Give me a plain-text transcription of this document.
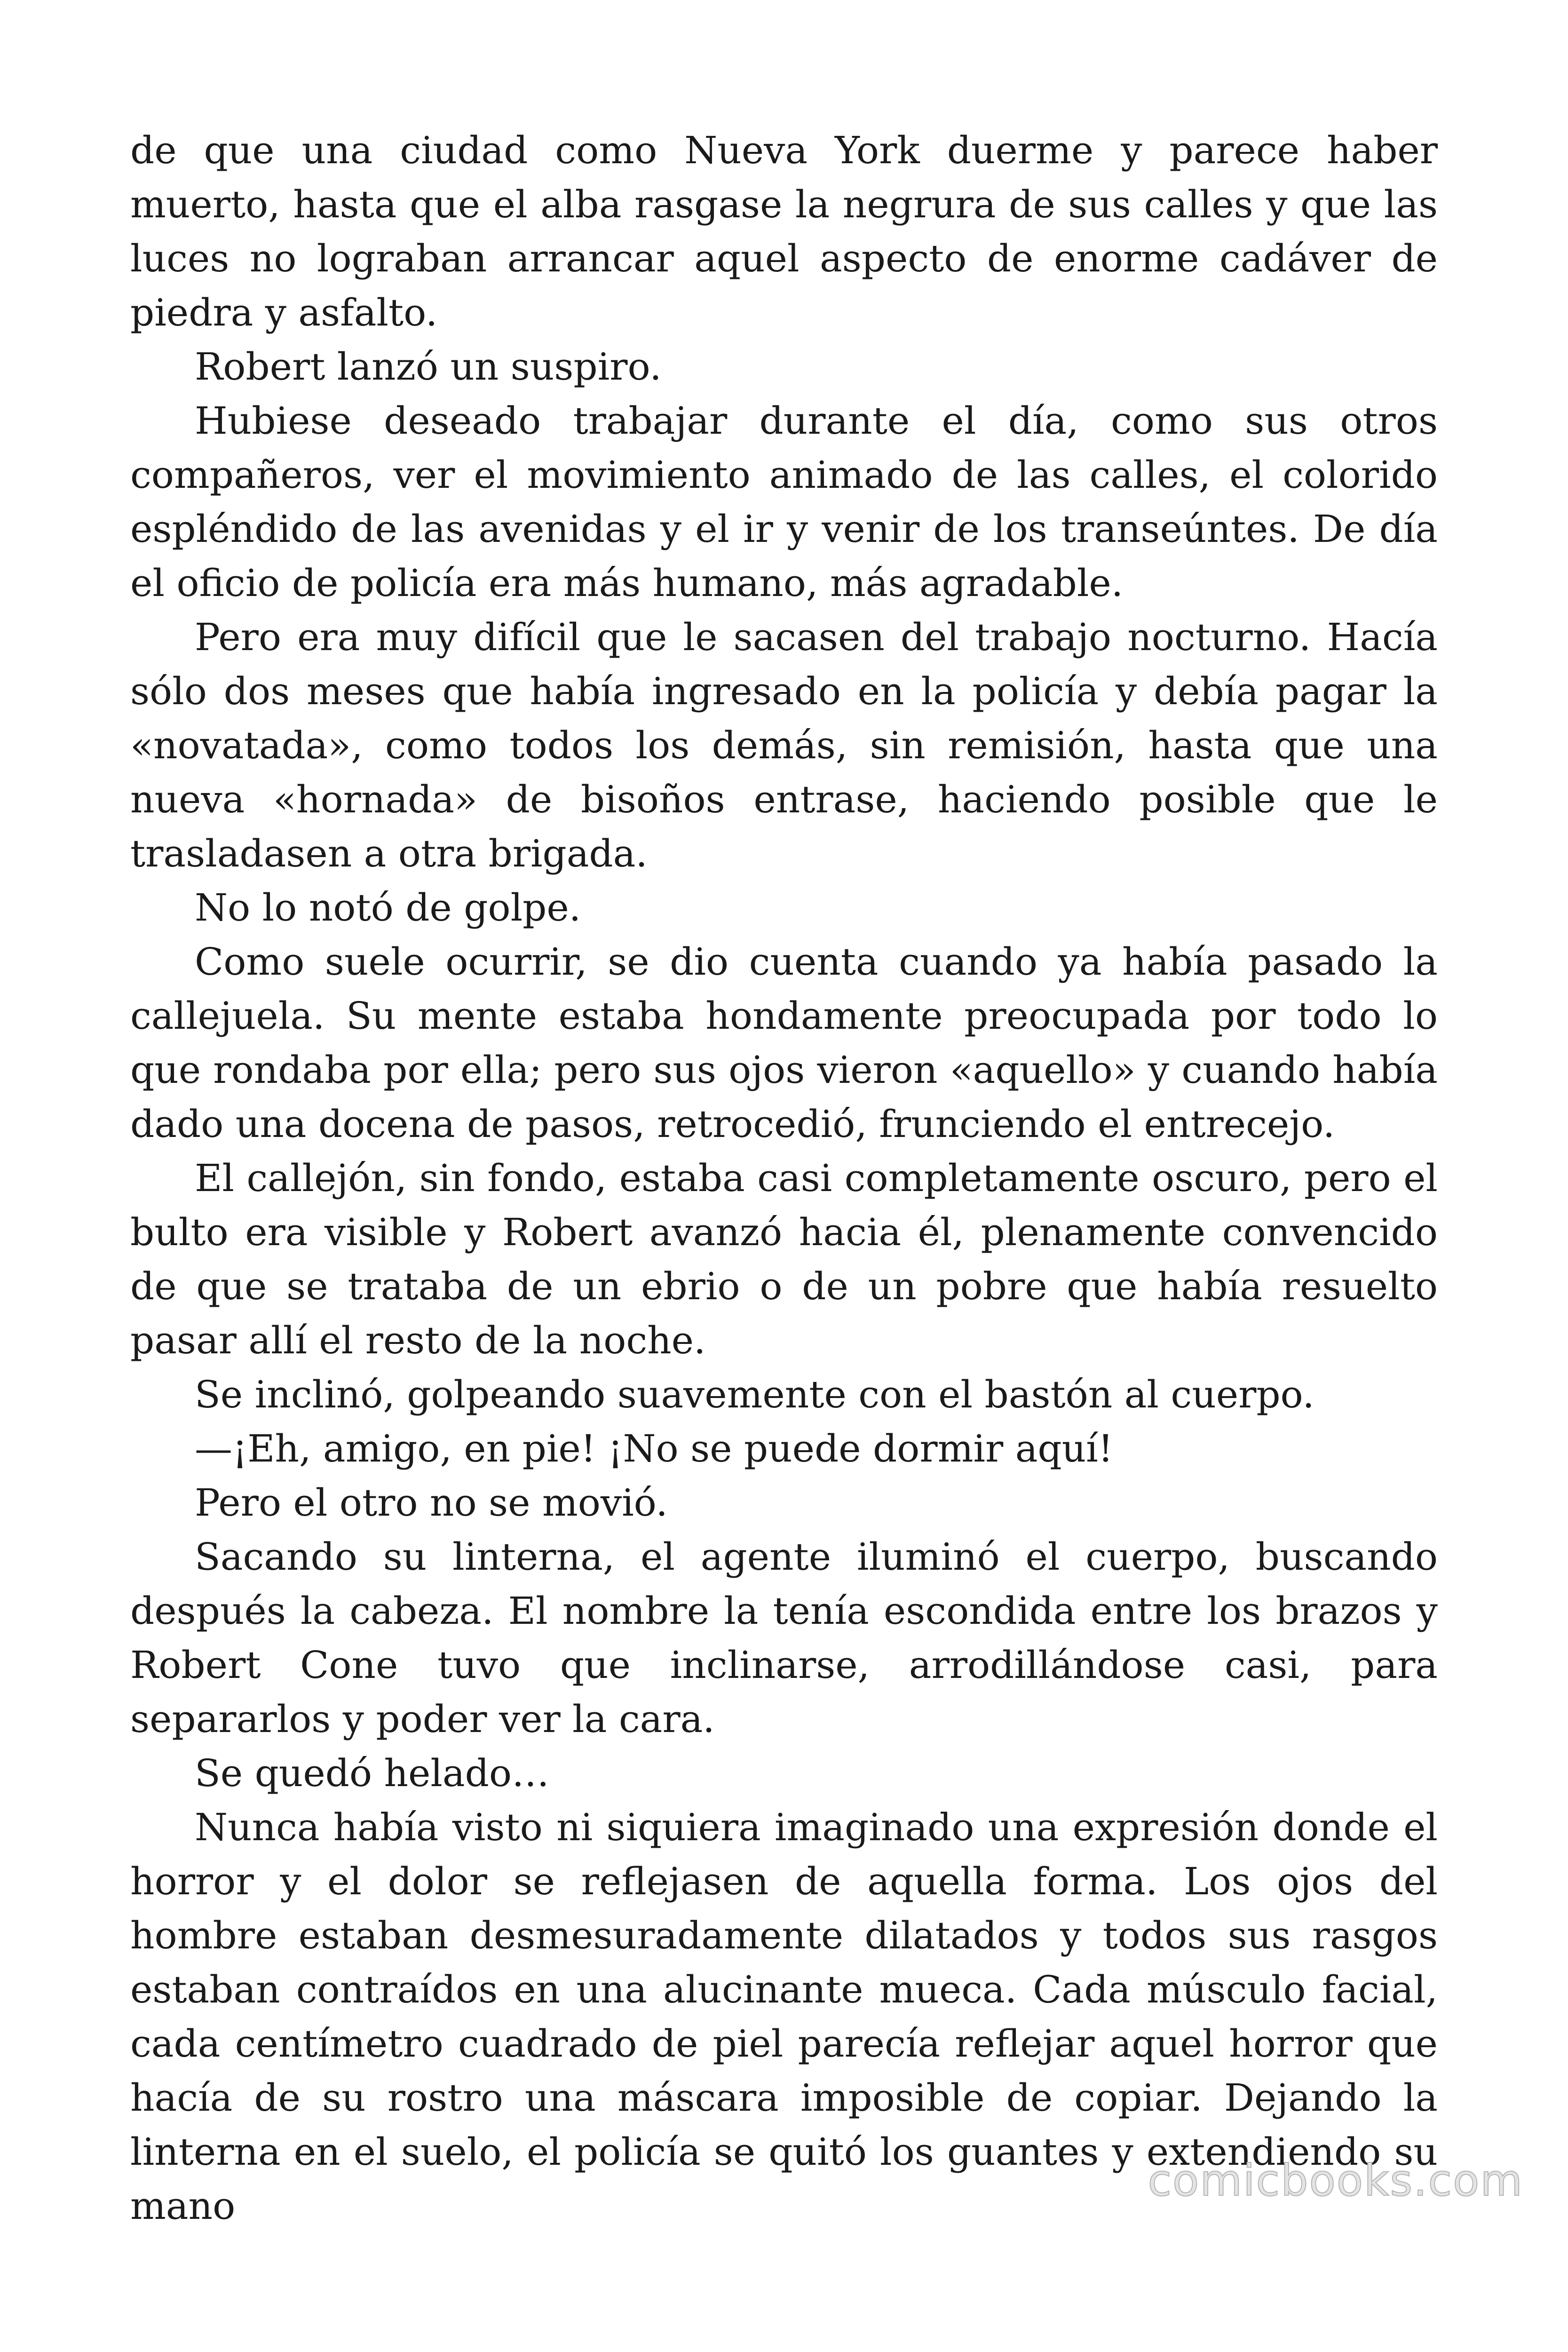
de que una ciudad como Nueva York duerme y parece haber muerto, hasta que el alba rasgase la negrura de sus calles y que las luces no lograban arrancar aquel aspecto de enorme cadáver de piedra y asfalto.

Robert lanzó un suspiro.

Hubiese deseado trabajar durante el día, como sus otros compañeros, ver el movimiento animado de las calles, el colorido espléndido de las avenidas y el ir y venir de los transeúntes. De día el oficio de policía era más humano, más agradable.

Pero era muy difícil que le sacasen del trabajo nocturno. Hacía sólo dos meses que había ingresado en la policía y debía pagar la «novatada», como todos los demás, sin remisión, hasta que una nueva «hornada» de bisoños entrase, haciendo posible que le trasladasen a otra brigada.

No lo notó de golpe.

Como suele ocurrir, se dio cuenta cuando ya había pasado la callejuela. Su mente estaba hondamente preocupada por todo lo que rondaba por ella; pero sus ojos vieron «aquello» y cuando había dado una docena de pasos, retrocedió, frunciendo el entrecejo.

El callejón, sin fondo, estaba casi completamente oscuro, pero el bulto era visible y Robert avanzó hacia él, plenamente convencido de que se trataba de un ebrio o de un pobre que había resuelto pasar allí el resto de la noche.

Se inclinó, golpeando suavemente con el bastón al cuerpo.

—¡Eh, amigo, en pie! ¡No se puede dormir aquí!

Pero el otro no se movió.

Sacando su linterna, el agente iluminó el cuerpo, buscando después la cabeza. El nombre la tenía escondida entre los brazos y Robert Cone tuvo que inclinarse, arrodillándose casi, para separarlos y poder ver la cara.

Se quedó helado…

Nunca había visto ni siquiera imaginado una expresión donde el horror y el dolor se reflejasen de aquella forma. Los ojos del hombre estaban desmesuradamente dilatados y todos sus rasgos estaban contraídos en una alucinante mueca. Cada músculo facial, cada centímetro cuadrado de piel parecía reflejar aquel horror que hacía de su rostro una máscara imposible de copiar. Dejando la linterna en el suelo, el policía se quitó los guantes y extendiendo su mano

comicbooks.com
